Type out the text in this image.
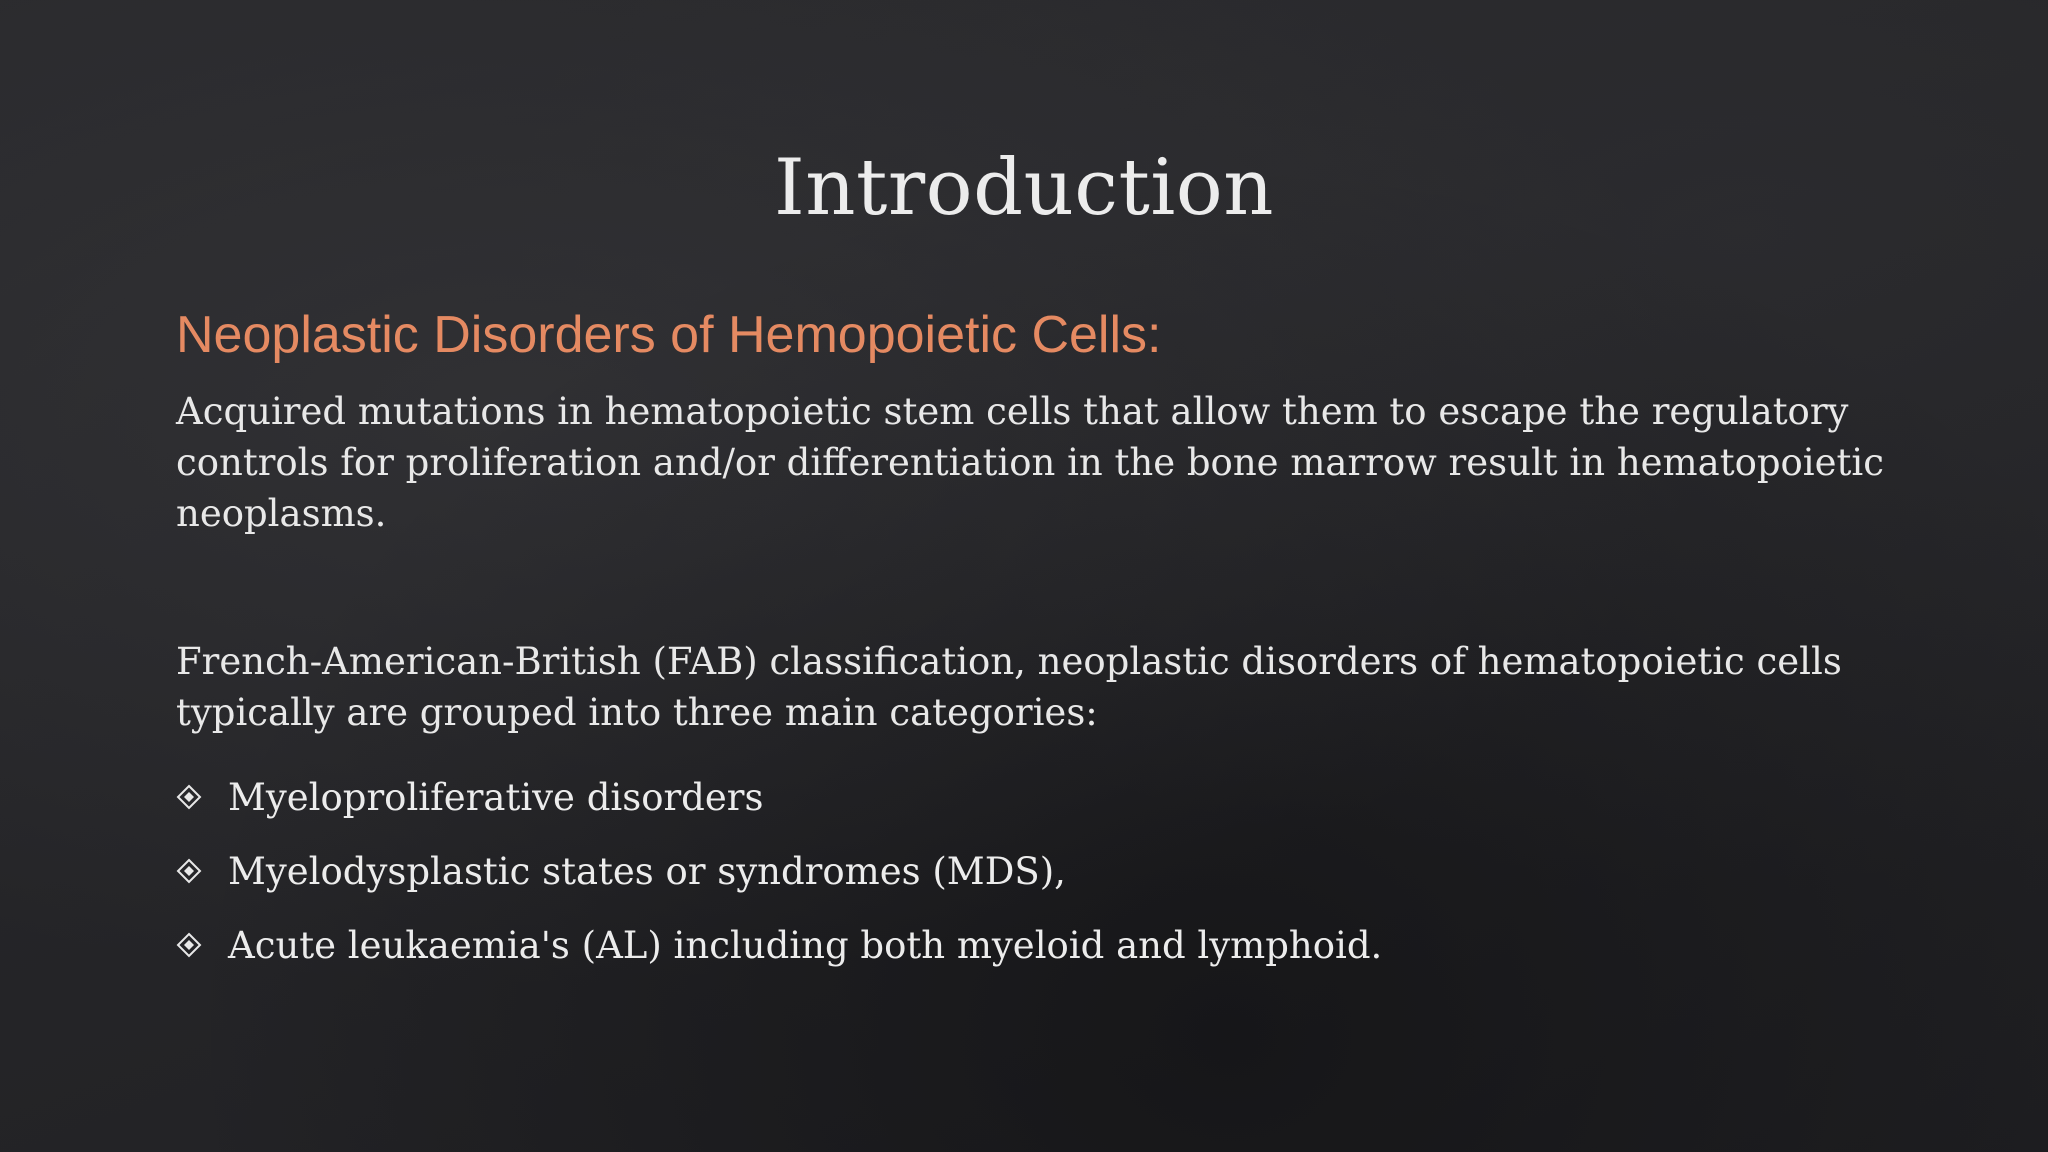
Introduction
Neoplastic Disorders of Hemopoietic Cells:

Acquired mutations in hematopoietic stem cells that allow them to escape the regulatory controls for proliferation and/or differentiation in the bone marrow result in hematopoietic neoplasms.

French-American-British (FAB) classification, neoplastic disorders of hematopoietic cells typically are grouped into three main categories:

Myeloproliferative disorders
Myelodysplastic states or syndromes (MDS),
Acute leukaemia's (AL) including both myeloid and lymphoid.
